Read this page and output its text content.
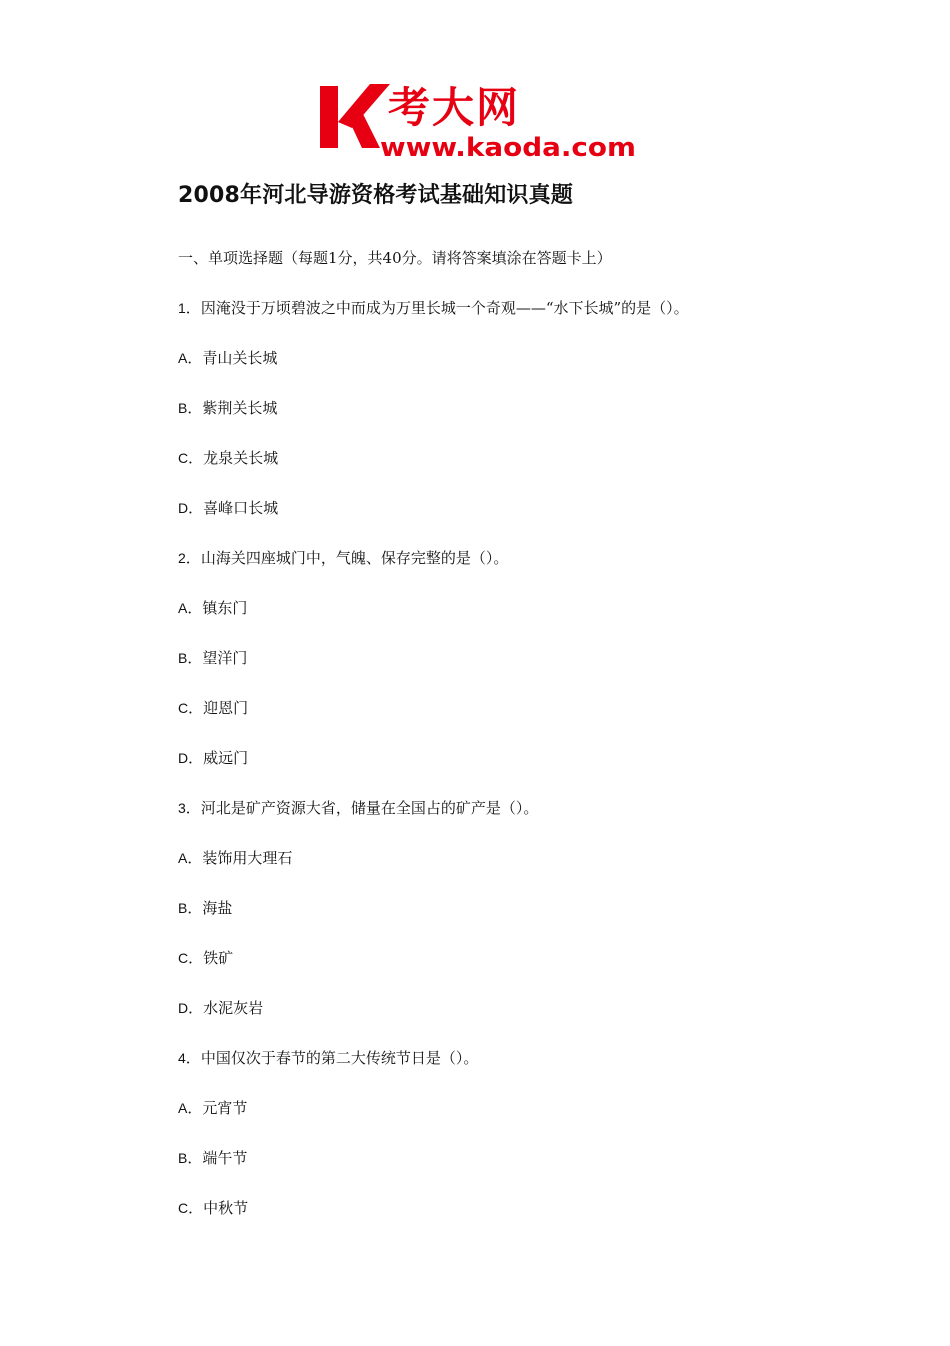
考大网
www.kaoda.com
2008年河北导游资格考试基础知识真题
一、单项选择题（每题1分，共40分。请将答案填涂在答题卡上）
1．因淹没于万顷碧波之中而成为万里长城一个奇观——“水下长城”的是（）。
A．青山关长城
B．紫荆关长城
C．龙泉关长城
D．喜峰口长城
2．山海关四座城门中，气魄、保存完整的是（）。
A．镇东门
B．望洋门
C．迎恩门
D．威远门
3．河北是矿产资源大省，储量在全国占的矿产是（）。
A．装饰用大理石
B．海盐
C．铁矿
D．水泥灰岩
4．中国仅次于春节的第二大传统节日是（）。
A．元宵节
B．端午节
C．中秋节
